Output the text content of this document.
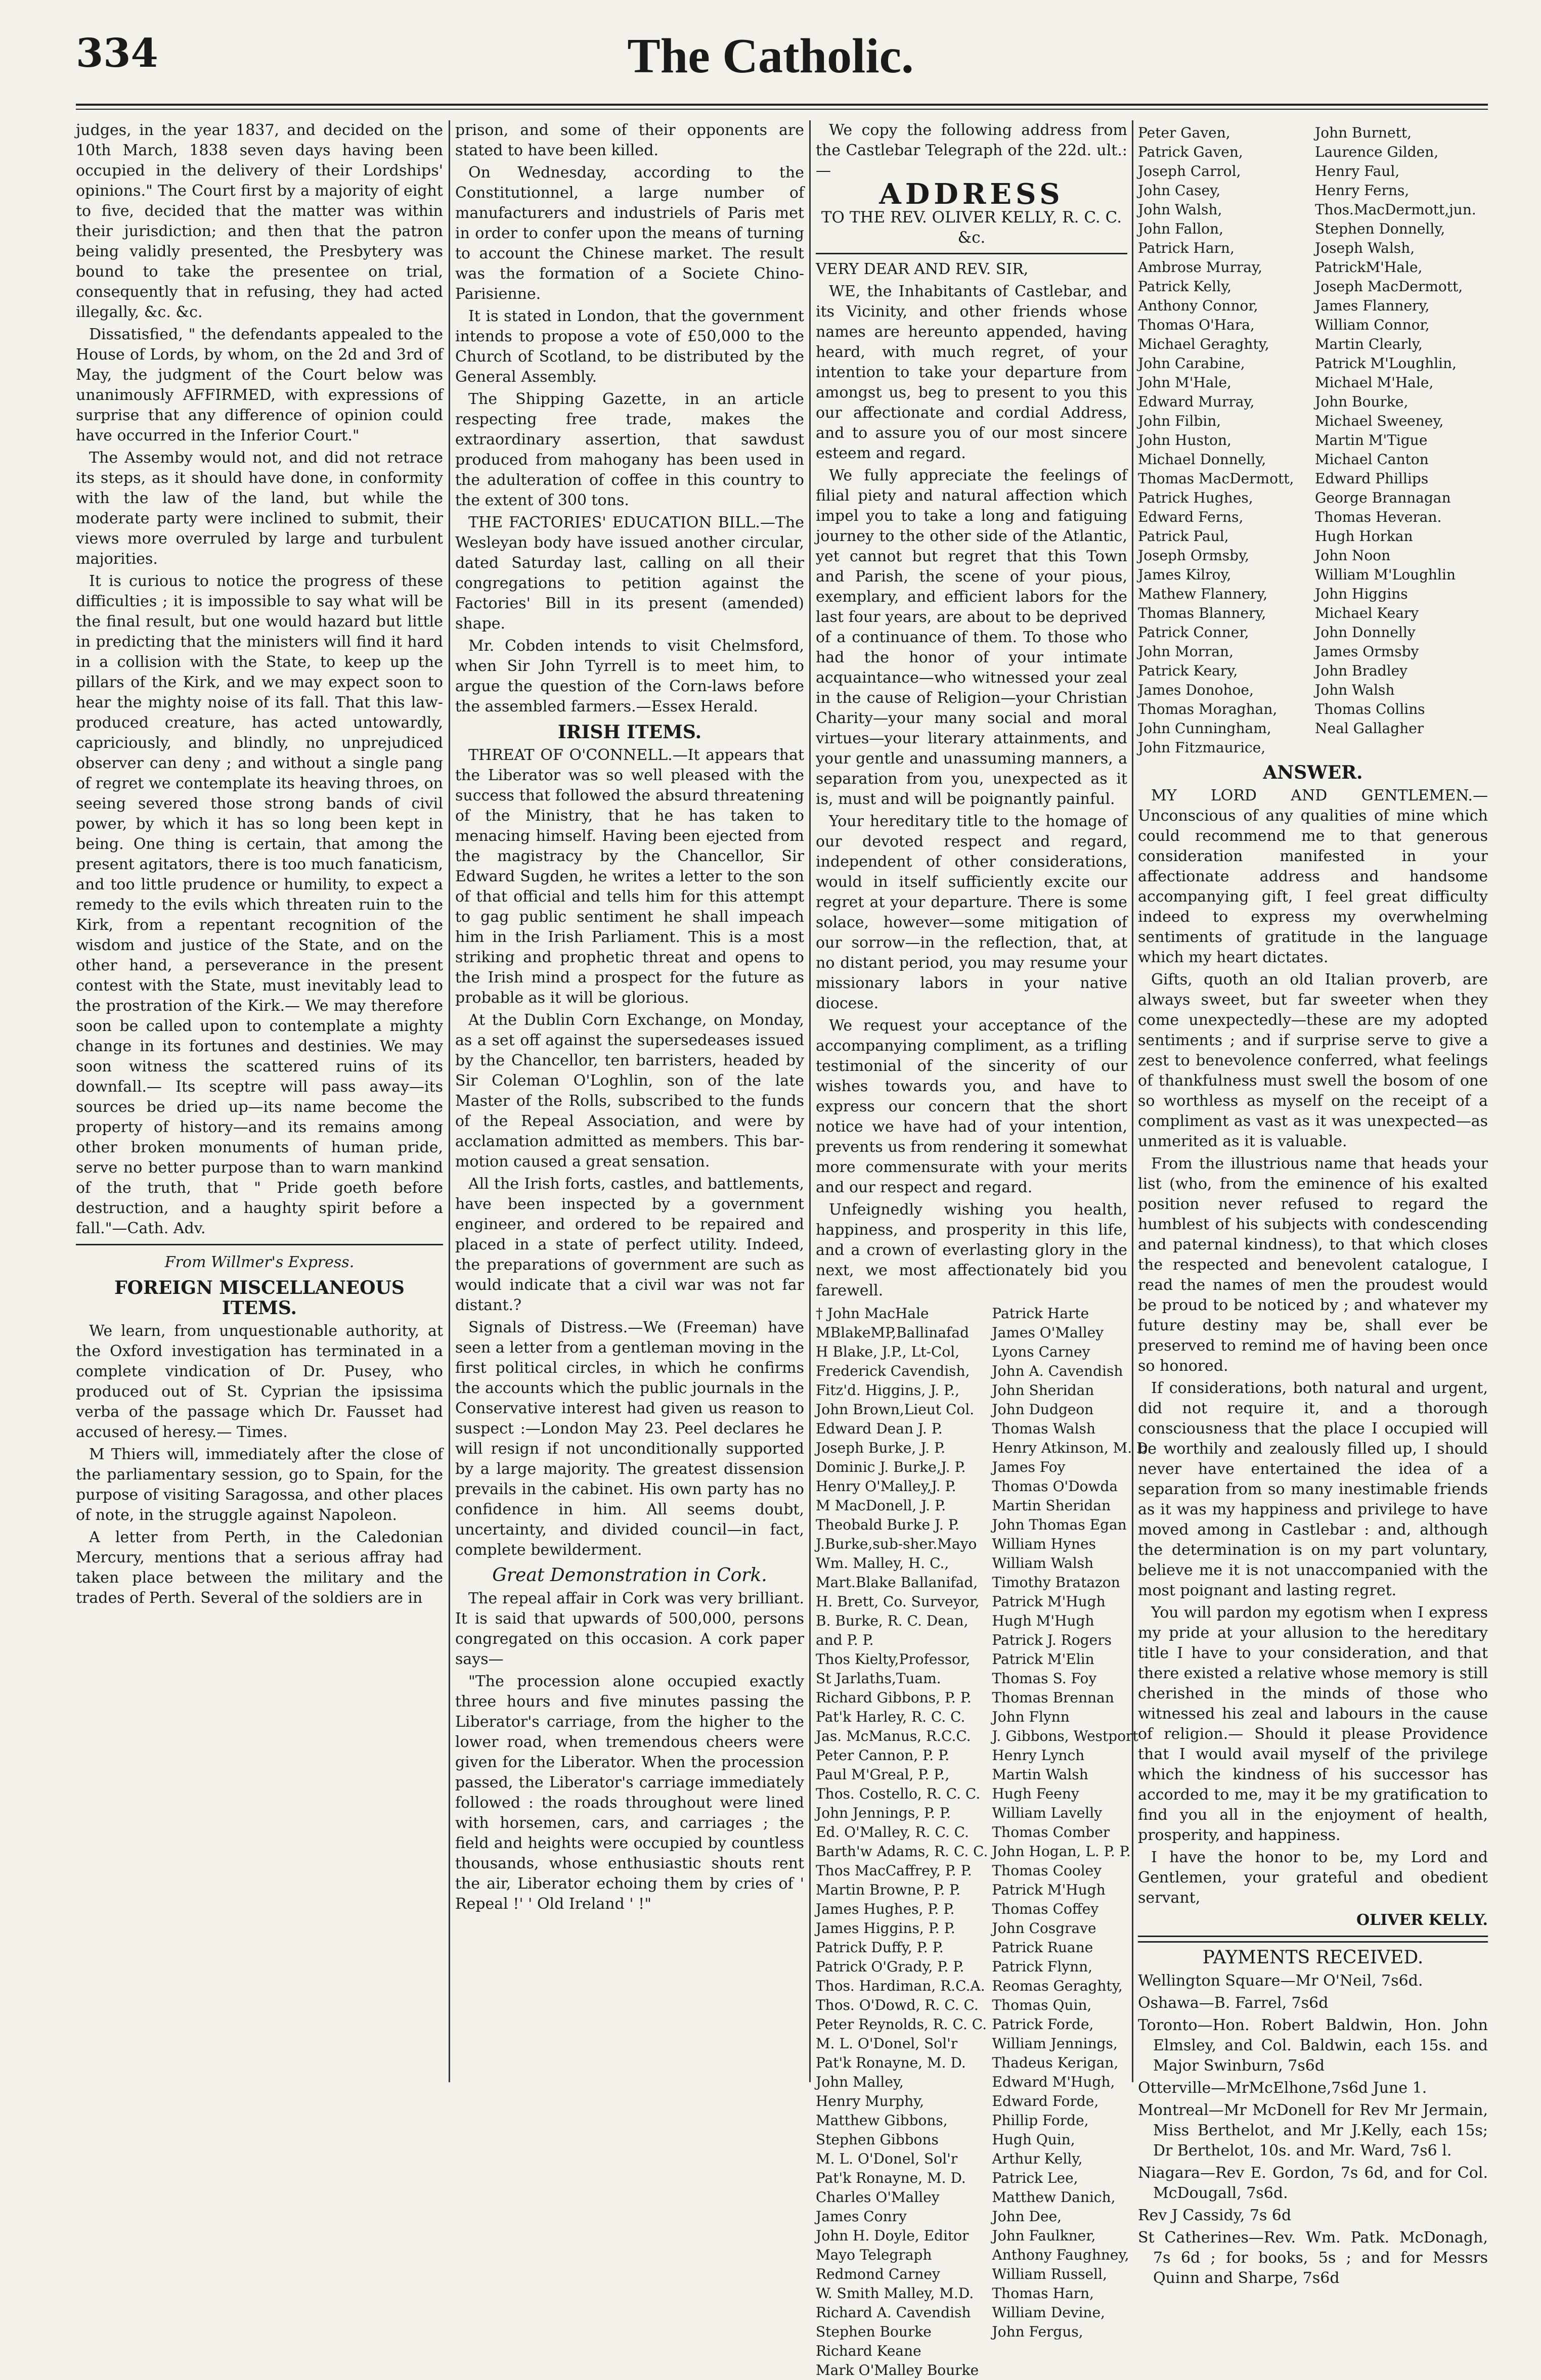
334	The Catholic.

judges, in the year 1837, and decided on the 10th March, 1838 seven days having been occupied in the delivery of their Lordships' opinions." The Court first by a majority of eight to five, decided that the matter was within their jurisdiction; and then that the patron being validly presented, the Presbytery was bound to take the presentee on trial, consequently that in refusing, they had acted illegally, &c. &c.

Dissatisfied, " the defendants appealed to the House of Lords, by whom, on the 2d and 3rd of May, the judgment of the Court below was unanimously AFFIRMED, with expressions of surprise that any difference of opinion could have occurred in the Inferior Court."

The Assemby would not, and did not retrace its steps, as it should have done, in conformity with the law of the land, but while the moderate party were inclined to submit, their views more overruled by large and turbulent majorities.

It is curious to notice the progress of these difficulties ; it is impossible to say what will be the final result, but one would hazard but little in predicting that the ministers will find it hard in a collision with the State, to keep up the pillars of the Kirk, and we may expect soon to hear the mighty noise of its fall. That this law-produced creature, has acted untowardly, capriciously, and blindly, no unprejudiced observer can deny ; and without a single pang of regret we contemplate its heaving throes, on seeing severed those strong bands of civil power, by which it has so long been kept in being. One thing is certain, that among the present agitators, there is too much fanaticism, and too little prudence or humility, to expect a remedy to the evils which threaten ruin to the Kirk, from a repentant recognition of the wisdom and justice of the State, and on the other hand, a perseverance in the present contest with the State, must inevitably lead to the prostration of the Kirk.— We may therefore soon be called upon to contemplate a mighty change in its fortunes and destinies. We may soon witness the scattered ruins of its downfall.— Its sceptre will pass away—its sources be dried up—its name become the property of history—and its remains among other broken monuments of human pride, serve no better purpose than to warn mankind of the truth, that " Pride goeth before destruction, and a haughty spirit before a fall."—Cath. Adv.

From Willmer's Express.

FOREIGN MISCELLANEOUS ITEMS.

We learn, from unquestionable authority, at the Oxford investigation has terminated in a complete vindication of Dr. Pusey, who produced out of St. Cyprian the ipsissima verba of the passage which Dr. Fausset had accused of heresy.— Times.

M Thiers will, immediately after the close of the parliamentary session, go to Spain, for the purpose of visiting Saragossa, and other places of note, in the struggle against Napoleon.

A letter from Perth, in the Caledonian Mercury, mentions that a serious affray had taken place between the military and the trades of Perth. Several of the soldiers are in

prison, and some of their opponents are stated to have been killed.

On Wednesday, according to the Constitutionnel, a large number of manufacturers and industriels of Paris met in order to confer upon the means of turning to account the Chinese market. The result was the formation of a Societe Chino-Parisienne.

It is stated in London, that the government intends to propose a vote of £50,000 to the Church of Scotland, to be distributed by the General Assembly.

The Shipping Gazette, in an article respecting free trade, makes the extraordinary assertion, that sawdust produced from mahogany has been used in the adulteration of coffee in this country to the extent of 300 tons.

THE FACTORIES' EDUCATION BILL.—The Wesleyan body have issued another circular, dated Saturday last, calling on all their congregations to petition against the Factories' Bill in its present (amended) shape.

Mr. Cobden intends to visit Chelmsford, when Sir John Tyrrell is to meet him, to argue the question of the Corn-laws before the assembled farmers.—Essex Herald.

IRISH ITEMS.

THREAT OF O'CONNELL.—It appears that the Liberator was so well pleased with the success that followed the absurd threatening of the Ministry, that he has taken to menacing himself. Having been ejected from the magistracy by the Chancellor, Sir Edward Sugden, he writes a letter to the son of that official and tells him for this attempt to gag public sentiment he shall impeach him in the Irish Parliament. This is a most striking and prophetic threat and opens to the Irish mind a prospect for the future as probable as it will be glorious.

At the Dublin Corn Exchange, on Monday, as a set off against the supersedeases issued by the Chancellor, ten barristers, headed by Sir Coleman O'Loghlin, son of the late Master of the Rolls, subscribed to the funds of the Repeal Association, and were by acclamation admitted as members. This bar-motion caused a great sensation.

All the Irish forts, castles, and battlements, have been inspected by a government engineer, and ordered to be repaired and placed in a state of perfect utility. Indeed, the preparations of government are such as would indicate that a civil war was not far distant.?

Signals of Distress.—We (Freeman) have seen a letter from a gentleman moving in the first political circles, in which he confirms the accounts which the public journals in the Conservative interest had given us reason to suspect :—London May 23. Peel declares he will resign if not unconditionally supported by a large majority. The greatest dissension prevails in the cabinet. His own party has no confidence in him. All seems doubt, uncertainty, and divided council—in fact, complete bewilderment.

Great Demonstration in Cork.

The repeal affair in Cork was very brilliant. It is said that upwards of 500,000, persons congregated on this occasion. A cork paper says—

"The procession alone occupied exactly three hours and five minutes passing the Liberator's carriage, from the higher to the lower road, when tremendous cheers were given for the Liberator. When the procession passed, the Liberator's carriage immediately followed : the roads throughout were lined with horsemen, cars, and carriages ; the field and heights were occupied by countless thousands, whose enthusiastic shouts rent the air, Liberator echoing them by cries of ' Repeal !' ' Old Ireland ' !"

We copy the following address from the Castlebar Telegraph of the 22d. ult.:—

ADDRESS

TO THE REV. OLIVER KELLY, R. C. C. &c.

VERY DEAR AND REV. SIR,

WE, the Inhabitants of Castlebar, and its Vicinity, and other friends whose names are hereunto appended, having heard, with much regret, of your intention to take your departure from amongst us, beg to present to you this our affectionate and cordial Address, and to assure you of our most sincere esteem and regard.

We fully appreciate the feelings of filial piety and natural affection which impel you to take a long and fatiguing journey to the other side of the Atlantic, yet cannot but regret that this Town and Parish, the scene of your pious, exemplary, and efficient labors for the last four years, are about to be deprived of a continuance of them. To those who had the honor of your intimate acquaintance—who witnessed your zeal in the cause of Religion—your Christian Charity—your many social and moral virtues—your literary attainments, and your gentle and unassuming manners, a separation from you, unexpected as it is, must and will be poignantly painful.

Your hereditary title to the homage of our devoted respect and regard, independent of other considerations, would in itself sufficiently excite our regret at your departure. There is some solace, however—some mitigation of our sorrow—in the reflection, that, at no distant period, you may resume your missionary labors in your native diocese.

We request your acceptance of the accompanying compliment, as a trifling testimonial of the sincerity of our wishes towards you, and have to express our concern that the short notice we have had of your intention, prevents us from rendering it somewhat more commensurate with your merits and our respect and regard.

Unfeignedly wishing you health, happiness, and prosperity in this life, and a crown of everlasting glory in the next, we most affectionately bid you farewell.

† John MacHale
MBlakeMP,Ballinafad
H Blake, J.P., Lt-Col,
Frederick Cavendish,
Fitz'd. Higgins, J. P.,
John Brown,Lieut Col.
Edward Dean J. P.
Joseph Burke, J. P.
Dominic J. Burke,J. P.
Henry O'Malley,J. P.
M MacDonell, J. P.
Theobald Burke J. P.
J.Burke,sub-sher.Mayo
Wm. Malley, H. C.,
Mart.Blake Ballanifad,
H. Brett, Co. Surveyor,
B. Burke, R. C. Dean,
and P. P.
Thos Kielty,Professor,
St Jarlaths,Tuam.
Richard Gibbons, P. P.
Pat'k Harley, R. C. C.
Jas. McManus, R.C.C.
Peter Cannon, P. P.
Paul M'Greal, P. P.,
Thos. Costello, R. C. C.
John Jennings, P. P.
Ed. O'Malley, R. C. C.
Barth'w Adams, R. C. C.
Thos MacCaffrey, P. P.
Martin Browne, P. P.
James Hughes, P. P.
James Higgins, P. P.
Patrick Duffy, P. P.
Patrick O'Grady, P. P.
Thos. Hardiman, R.C.A.
Thos. O'Dowd, R. C. C.
Peter Reynolds, R. C. C.
M. L. O'Donel, Sol'r
Pat'k Ronayne, M. D.
John Malley,
Henry Murphy,
Matthew Gibbons,
Stephen Gibbons
M. L. O'Donel, Sol'r
Pat'k Ronayne, M. D.
Charles O'Malley
James Conry
John H. Doyle, Editor
Mayo Telegraph
Redmond Carney
W. Smith Malley, M.D.
Richard A. Cavendish
Stephen Bourke
Richard Keane
Mark O'Malley Bourke
Patrick Harte
James O'Malley
Lyons Carney
John A. Cavendish
John Sheridan
John Dudgeon
Thomas Walsh
Henry Atkinson, M. D.
James Foy
Thomas O'Dowda
Martin Sheridan
John Thomas Egan
William Hynes
William Walsh
Timothy Bratazon
Patrick M'Hugh
Hugh M'Hugh
Patrick J. Rogers
Patrick M'Elin
Thomas S. Foy
Thomas Brennan
John Flynn
J. Gibbons, Westport
Henry Lynch
Martin Walsh
Hugh Feeny
William Lavelly
Thomas Comber
John Hogan, L. P. P.
Thomas Cooley
Patrick M'Hugh
Thomas Coffey
John Cosgrave
Patrick Ruane
Patrick Flynn,
Reomas Geraghty,
Thomas Quin,
Patrick Forde,
William Jennings,
Thadeus Kerigan,
Edward M'Hugh,
Edward Forde,
Phillip Forde,
Hugh Quin,
Arthur Kelly,
Patrick Lee,
Matthew Danich,
John Dee,
John Faulkner,
Anthony Faughney,
William Russell,
Thomas Harn,
William Devine,
John Fergus,
Peter Gaven,
Patrick Gaven,
Joseph Carrol,
John Casey,
John Walsh,
John Fallon,
Patrick Harn,
Ambrose Murray,
Patrick Kelly,
Anthony Connor,
Thomas O'Hara,
Michael Geraghty,
John Carabine,
John M'Hale,
Edward Murray,
John Filbin,
John Huston,
Michael Donnelly,
Thomas MacDermott,
Patrick Hughes,
Edward Ferns,
Patrick Paul,
Joseph Ormsby,
James Kilroy,
Mathew Flannery,
Thomas Blannery,
Patrick Conner,
John Morran,
Patrick Keary,
James Donohoe,
Thomas Moraghan,
John Cunningham,
John Fitzmaurice,
John Burnett,
Laurence Gilden,
Henry Faul,
Henry Ferns,
Thos.MacDermott,jun.
Stephen Donnelly,
Joseph Walsh,
PatrickM'Hale,
Joseph MacDermott,
James Flannery,
William Connor,
Martin Clearly,
Patrick M'Loughlin,
Michael M'Hale,
John Bourke,
Michael Sweeney,
Martin M'Tigue
Michael Canton
Edward Phillips
George Brannagan
Thomas Heveran.
Hugh Horkan
John Noon
William M'Loughlin
John Higgins
Michael Keary
John Donnelly
James Ormsby
John Bradley
John Walsh
Thomas Collins
Neal Gallagher

ANSWER.

MY LORD AND GENTLEMEN.—Unconscious of any qualities of mine which could recommend me to that generous consideration manifested in your affectionate address and handsome accompanying gift, I feel great difficulty indeed to express my overwhelming sentiments of gratitude in the language which my heart dictates.

Gifts, quoth an old Italian proverb, are always sweet, but far sweeter when they come unexpectedly—these are my adopted sentiments ; and if surprise serve to give a zest to benevolence conferred, what feelings of thankfulness must swell the bosom of one so worthless as myself on the receipt of a compliment as vast as it was unexpected—as unmerited as it is valuable.

From the illustrious name that heads your list (who, from the eminence of his exalted position never refused to regard the humblest of his subjects with condescending and paternal kindness), to that which closes the respected and benevolent catalogue, I read the names of men the proudest would be proud to be noticed by ; and whatever my future destiny may be, shall ever be preserved to remind me of having been once so honored.

If considerations, both natural and urgent, did not require it, and a thorough consciousness that the place I occupied will be worthily and zealously filled up, I should never have entertained the idea of a separation from so many inestimable friends as it was my happiness and privilege to have moved among in Castlebar : and, although the determination is on my part voluntary, believe me it is not unaccompanied with the most poignant and lasting regret.

You will pardon my egotism when I express my pride at your allusion to the hereditary title I have to your consideration, and that there existed a relative whose memory is still cherished in the minds of those who witnessed his zeal and labours in the cause of religion.— Should it please Providence that I would avail myself of the privilege which the kindness of his successor has accorded to me, may it be my gratification to find you all in the enjoyment of health, prosperity, and happiness.

I have the honor to be, my Lord and Gentlemen, your grateful and obedient servant,

OLIVER KELLY.

PAYMENTS RECEIVED.

Wellington Square—Mr O'Neil, 7s6d.

Oshawa—B. Farrel, 7s6d

Toronto—Hon. Robert Baldwin, Hon. John Elmsley, and Col. Baldwin, each 15s. and Major Swinburn, 7s6d

Otterville—MrMcElhone,7s6d June 1.

Montreal—Mr McDonell for Rev Mr Jermain, Miss Berthelot, and Mr J.Kelly, each 15s; Dr Berthelot, 10s. and Mr. Ward, 7s6 l.

Niagara—Rev E. Gordon, 7s 6d, and for Col. McDougall, 7s6d.

Rev J Cassidy, 7s 6d

St Catherines—Rev. Wm. Patk. McDonagh, 7s 6d ; for books, 5s ; and for Messrs Quinn and Sharpe, 7s6d
